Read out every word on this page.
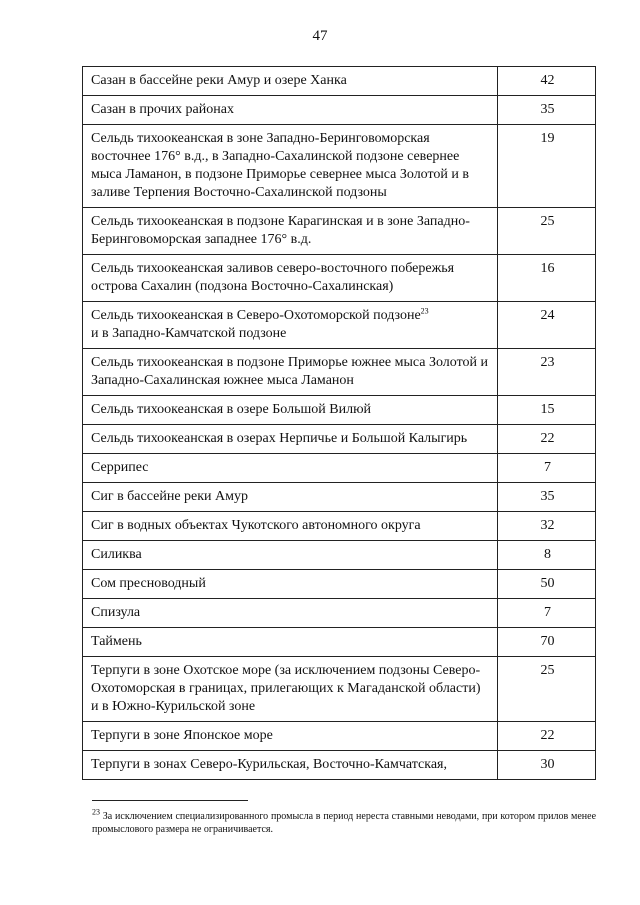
47
Сазан в бассейне реки Амур и озере Ханка	42
Сазан в прочих районах	35
Сельдь тихоокеанская в зоне Западно-Беринговоморская восточнее 176° в.д., в Западно-Сахалинской подзоне севернее мыса Ламанон, в подзоне Приморье севернее мыса Золотой и в заливе Терпения Восточно-Сахалинской подзоны	19
Сельдь тихоокеанская в подзоне Карагинская и в зоне Западно-Беринговоморская западнее 176° в.д.	25
Сельдь тихоокеанская заливов северо-восточного побережья острова Сахалин (подзона Восточно-Сахалинская)	16
Сельдь тихоокеанская в Северо-Охотоморской подзоне$^{23}$
и в Западно-Камчатской подзоне	24
Сельдь тихоокеанская в подзоне Приморье южнее мыса Золотой и Западно-Сахалинская южнее мыса Ламанон	23
Сельдь тихоокеанская в озере Большой Вилюй	15
Сельдь тихоокеанская в озерах Нерпичье и Большой Калыгирь	22
Серрипес	7
Сиг в бассейне реки Амур	35
Сиг в водных объектах Чукотского автономного округа	32
Силиква	8
Сом пресноводный	50
Спизула	7
Таймень	70
Терпуги в зоне Охотское море (за исключением подзоны Северо-Охотоморская в границах, прилегающих к Магаданской области) и в Южно-Курильской зоне	25
Терпуги в зоне Японское море	22
Терпуги в зонах Северо-Курильская, Восточно-Камчатская,	30
$^{23}$ За исключением специализированного промысла в период нереста ставными неводами, при котором прилов менее промыслового размера не ограничивается.
